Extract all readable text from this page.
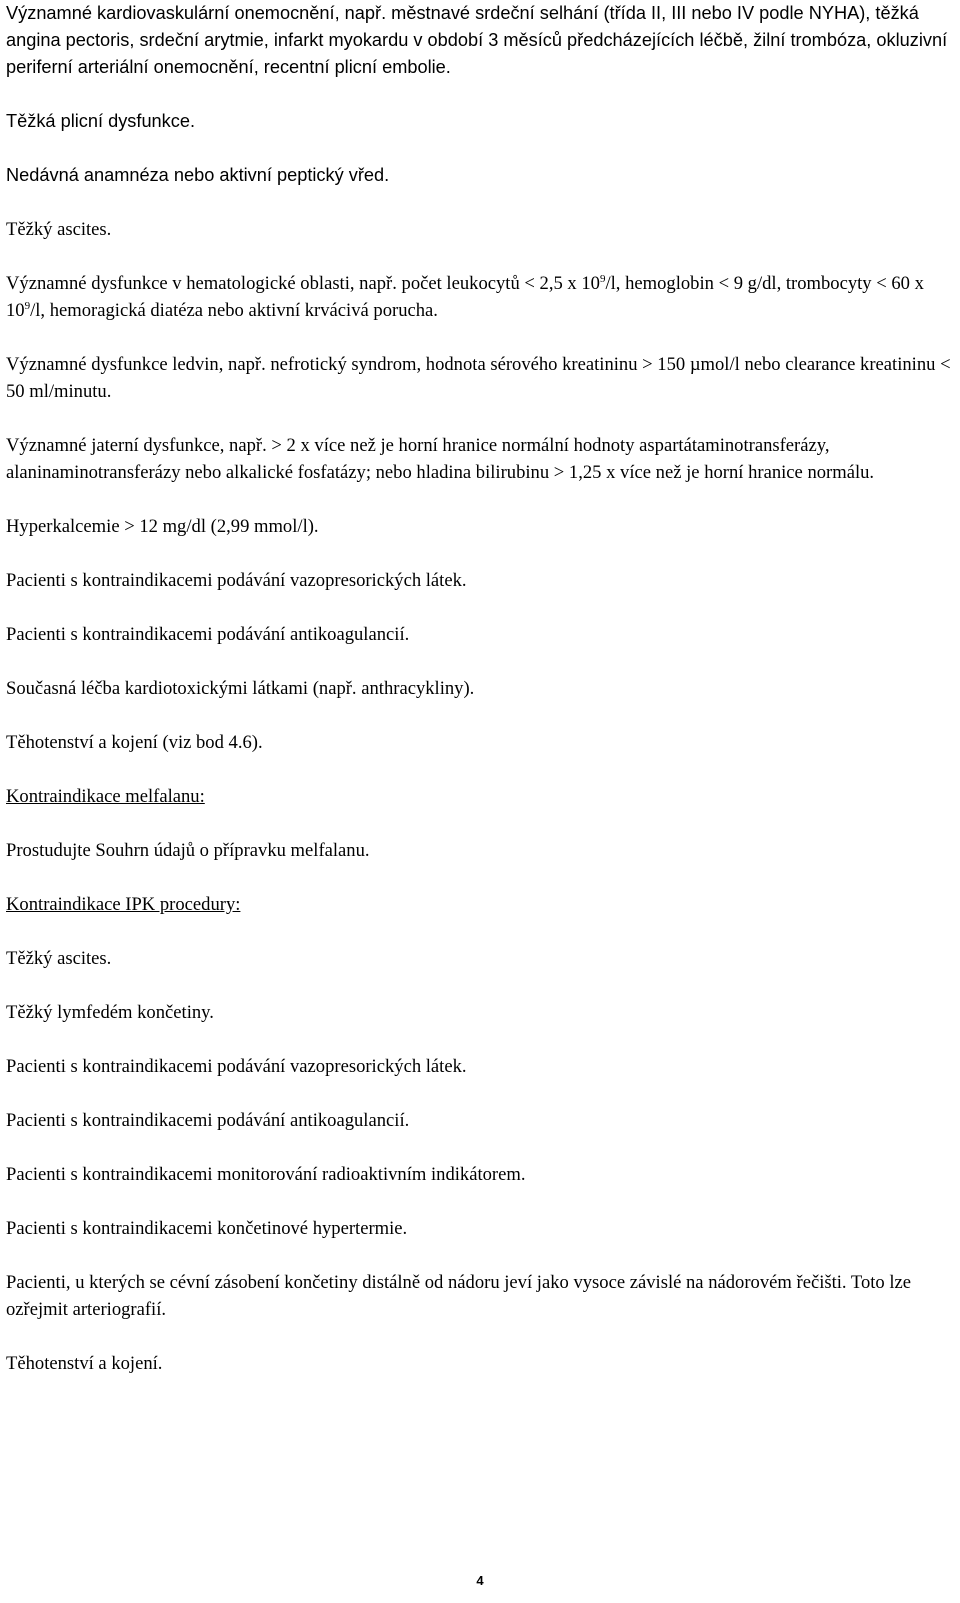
Významné kardiovaskulární onemocnění, např. městnavé srdeční selhání (třída II, III nebo IV podle NYHA), těžká angina pectoris, srdeční arytmie, infarkt myokardu v období 3 měsíců předcházejících léčbě, žilní trombóza, okluzivní periferní arteriální onemocnění, recentní plicní embolie.

Těžká plicní dysfunkce.

Nedávná anamnéza nebo aktivní peptický vřed.

Těžký ascites.

Významné dysfunkce v hematologické oblasti, např. počet leukocytů < 2,5 x $10^9/l$, hemoglobin < 9 g/dl, trombocyty < 60 x $10^9/l$, hemoragická diatéza nebo aktivní krvácivá porucha.

Významné dysfunkce ledvin, např. nefrotický syndrom, hodnota sérového kreatininu > 150 µmol/l nebo clearance kreatininu < 50 ml/minutu.

Významné jaterní dysfunkce, např. > 2 x více než je horní hranice normální hodnoty aspartátaminotransferázy, alaninaminotransferázy nebo alkalické fosfatázy; nebo hladina bilirubinu > 1,25 x více než je horní hranice normálu.

Hyperkalcemie > 12 mg/dl (2,99 mmol/l).

Pacienti s kontraindikacemi podávání vazopresorických látek.

Pacienti s kontraindikacemi podávání antikoagulancií.

Současná léčba kardiotoxickými látkami (např. anthracykliny).

Těhotenství a kojení (viz bod 4.6).

Kontraindikace melfalanu:

Prostudujte Souhrn údajů o přípravku melfalanu.

Kontraindikace IPK procedury:

Těžký ascites.

Těžký lymfedém končetiny.

Pacienti s kontraindikacemi podávání vazopresorických látek.

Pacienti s kontraindikacemi podávání antikoagulancií.

Pacienti s kontraindikacemi monitorování radioaktivním indikátorem.

Pacienti s kontraindikacemi končetinové hypertermie.

Pacienti, u kterých se cévní zásobení končetiny distálně od nádoru jeví jako vysoce závislé na nádorovém řečišti. Toto lze ozřejmit arteriografií.

Těhotenství a kojení.

4
